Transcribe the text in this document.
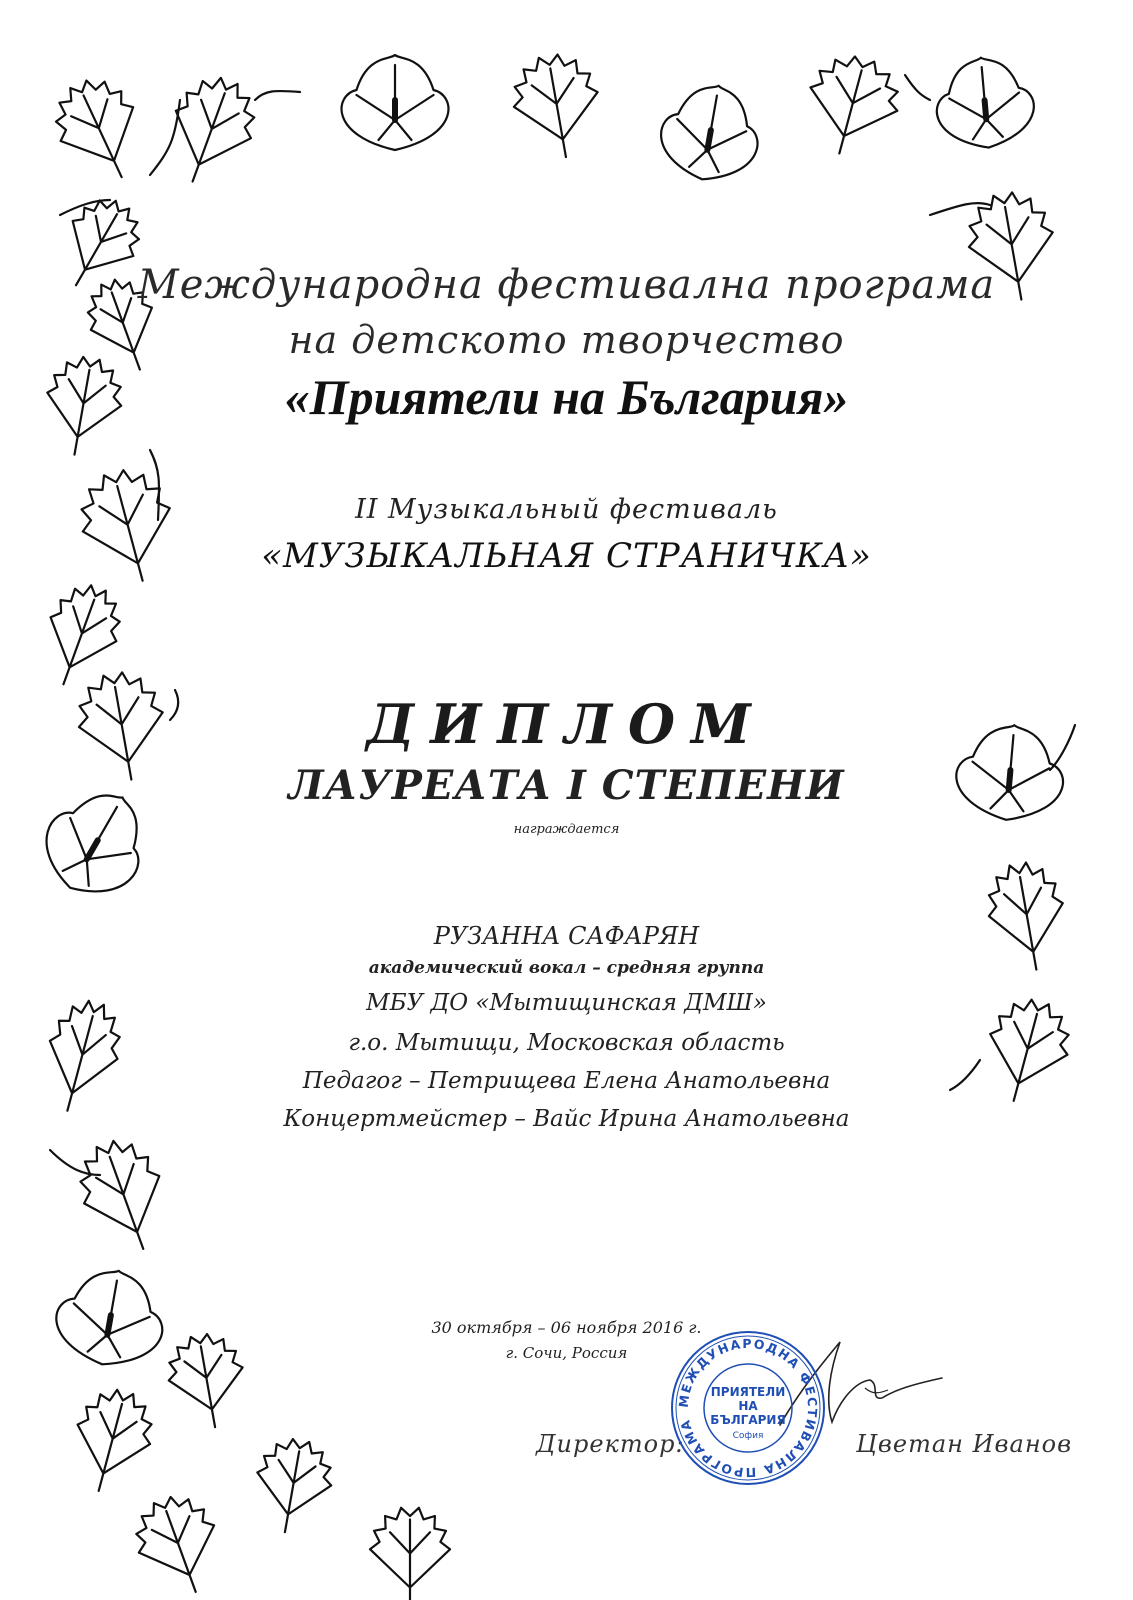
Международна фестивална програма
на детското творчество
«Приятели на България»
II Музыкальный фестиваль
«МУЗЫКАЛЬНАЯ СТРАНИЧКА»
ДИПЛОМ
ЛАУРЕАТА I СТЕПЕНИ
награждается
РУЗАННА САФАРЯН
академический вокал – средняя группа
МБУ ДО «Мытищинская ДМШ»
г.о. Мытищи, Московская область
Педагог – Петрищева Елена Анатольевна
Концертмейстер – Вайс Ирина Анатольевна
30 октября – 06 ноября 2016 г.
г. Сочи, Россия
Директор:	Цветан Иванов
МЕЖДУНАРОДНА ФЕСТИВАЛНА ПРОГРАМА
ПРИЯТЕЛИ
НА
БЪЛГАРИЯ
София
